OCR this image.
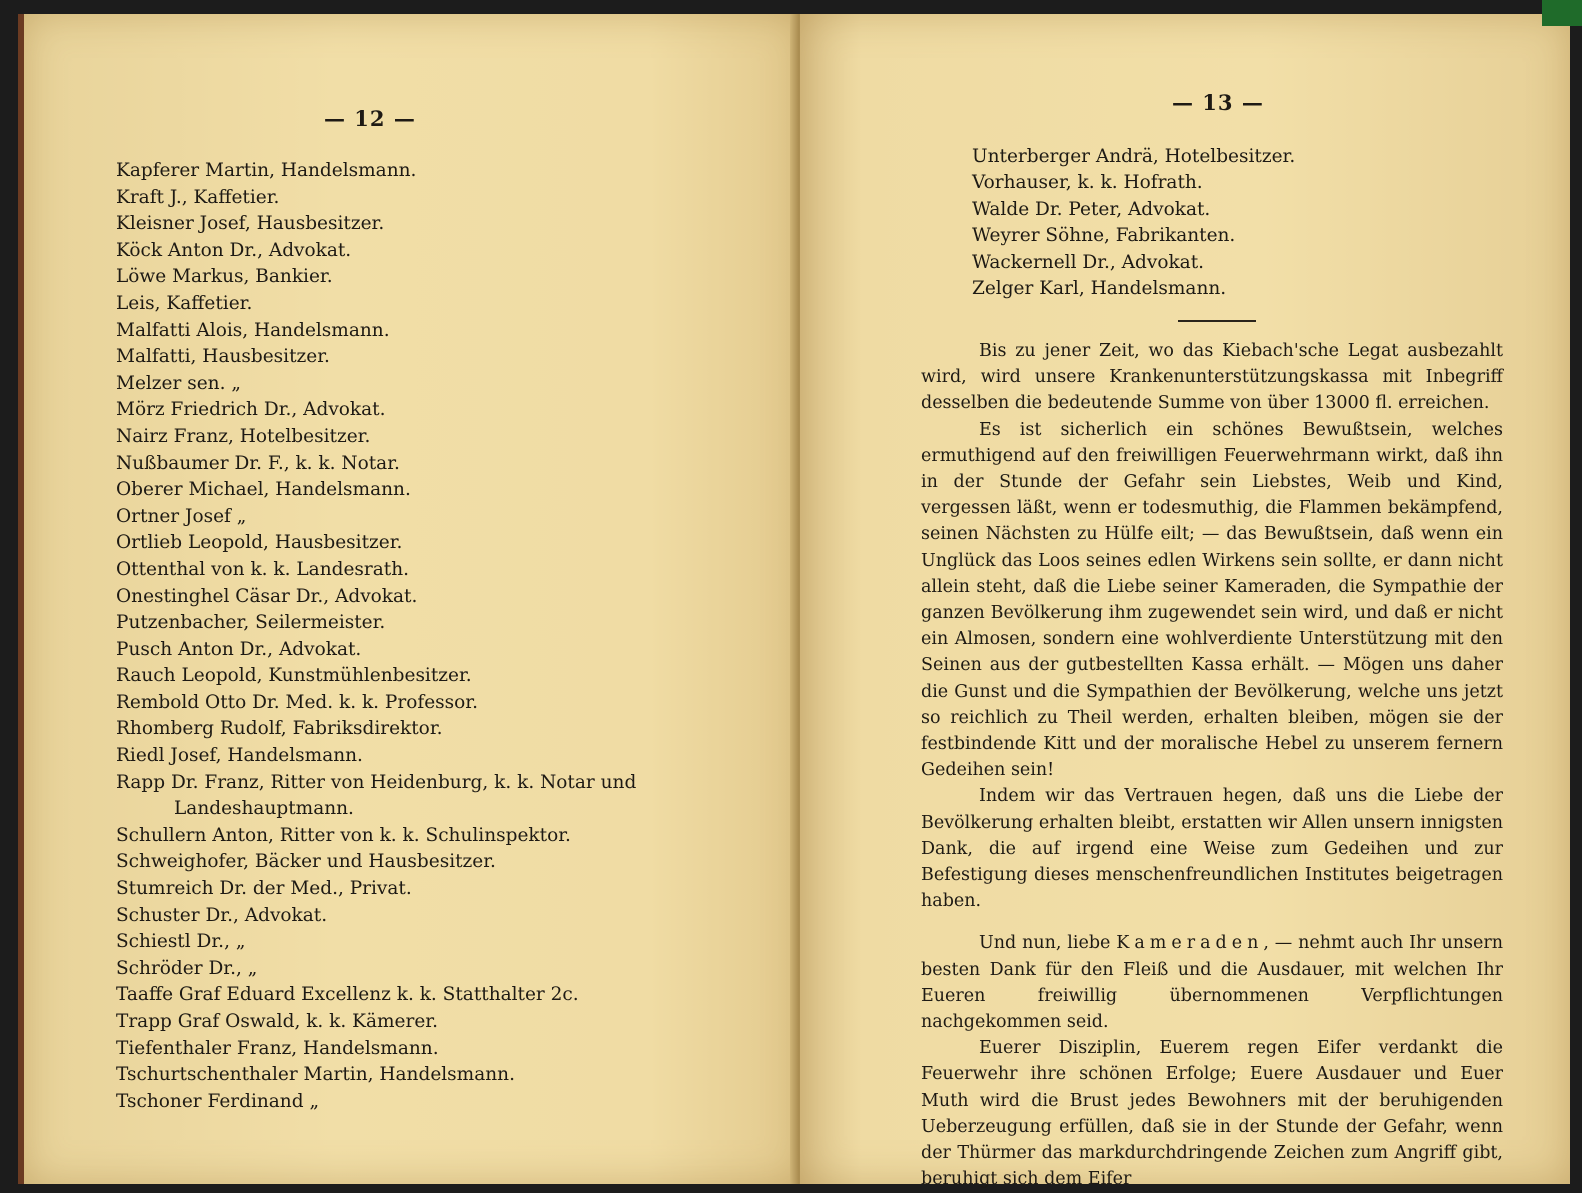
— 12 —
Kapferer Martin, Handelsmann.
Kraft J., Kaffetier.
Kleisner Josef, Hausbesitzer.
Köck Anton Dr., Advokat.
Löwe Markus, Bankier.
Leis, Kaffetier.
Malfatti Alois, Handelsmann.
Malfatti, Hausbesitzer.
Melzer sen. „
Mörz Friedrich Dr., Advokat.
Nairz Franz, Hotelbesitzer.
Nußbaumer Dr. F., k. k. Notar.
Oberer Michael, Handelsmann.
Ortner Josef „
Ortlieb Leopold, Hausbesitzer.
Ottenthal von k. k. Landesrath.
Onestinghel Cäsar Dr., Advokat.
Putzenbacher, Seilermeister.
Pusch Anton Dr., Advokat.
Rauch Leopold, Kunstmühlenbesitzer.
Rembold Otto Dr. Med. k. k. Professor.
Rhomberg Rudolf, Fabriksdirektor.
Riedl Josef, Handelsmann.
Rapp Dr. Franz, Ritter von Heidenburg, k. k. Notar und
Landeshauptmann.
Schullern Anton, Ritter von k. k. Schulinspektor.
Schweighofer, Bäcker und Hausbesitzer.
Stumreich Dr. der Med., Privat.
Schuster Dr., Advokat.
Schiestl Dr., „
Schröder Dr., „
Taaffe Graf Eduard Excellenz k. k. Statthalter 2c.
Trapp Graf Oswald, k. k. Kämerer.
Tiefenthaler Franz, Handelsmann.
Tschurtschenthaler Martin, Handelsmann.
Tschoner Ferdinand „
— 13 —
Unterberger Andrä, Hotelbesitzer.
Vorhauser, k. k. Hofrath.
Walde Dr. Peter, Advokat.
Weyrer Söhne, Fabrikanten.
Wackernell Dr., Advokat.
Zelger Karl, Handelsmann.

Bis zu jener Zeit, wo das Kiebach'sche Legat ausbezahlt wird, wird unsere Krankenunterstützungskassa mit Inbegriff desselben die bedeutende Summe von über 13000 fl. erreichen.

Es ist sicherlich ein schönes Bewußtsein, welches ermuthigend auf den freiwilligen Feuerwehrmann wirkt, daß ihn in der Stunde der Gefahr sein Liebstes, Weib und Kind, vergessen läßt, wenn er todesmuthig, die Flammen bekämpfend, seinen Nächsten zu Hülfe eilt; — das Bewußtsein, daß wenn ein Unglück das Loos seines edlen Wirkens sein sollte, er dann nicht allein steht, daß die Liebe seiner Kameraden, die Sympathie der ganzen Bevölkerung ihm zugewendet sein wird, und daß er nicht ein Almosen, sondern eine wohlverdiente Unterstützung mit den Seinen aus der gutbestellten Kassa erhält. — Mögen uns daher die Gunst und die Sympathien der Bevölkerung, welche uns jetzt so reichlich zu Theil werden, erhalten bleiben, mögen sie der festbindende Kitt und der moralische Hebel zu unserem fernern Gedeihen sein!

Indem wir das Vertrauen hegen, daß uns die Liebe der Bevölkerung erhalten bleibt, erstatten wir Allen unsern innigsten Dank, die auf irgend eine Weise zum Gedeihen und zur Befestigung dieses menschenfreundlichen Institutes beigetragen haben.

Und nun, liebe Kameraden, — nehmt auch Ihr unsern besten Dank für den Fleiß und die Ausdauer, mit welchen Ihr Eueren freiwillig übernommenen Verpflichtungen nachgekommen seid.

Euerer Disziplin, Euerem regen Eifer verdankt die Feuerwehr ihre schönen Erfolge; Euere Ausdauer und Euer Muth wird die Brust jedes Bewohners mit der beruhigenden Ueberzeugung erfüllen, daß sie in der Stunde der Gefahr, wenn der Thürmer das markdurchdringende Zeichen zum Angriff gibt, beruhigt sich dem Eifer
